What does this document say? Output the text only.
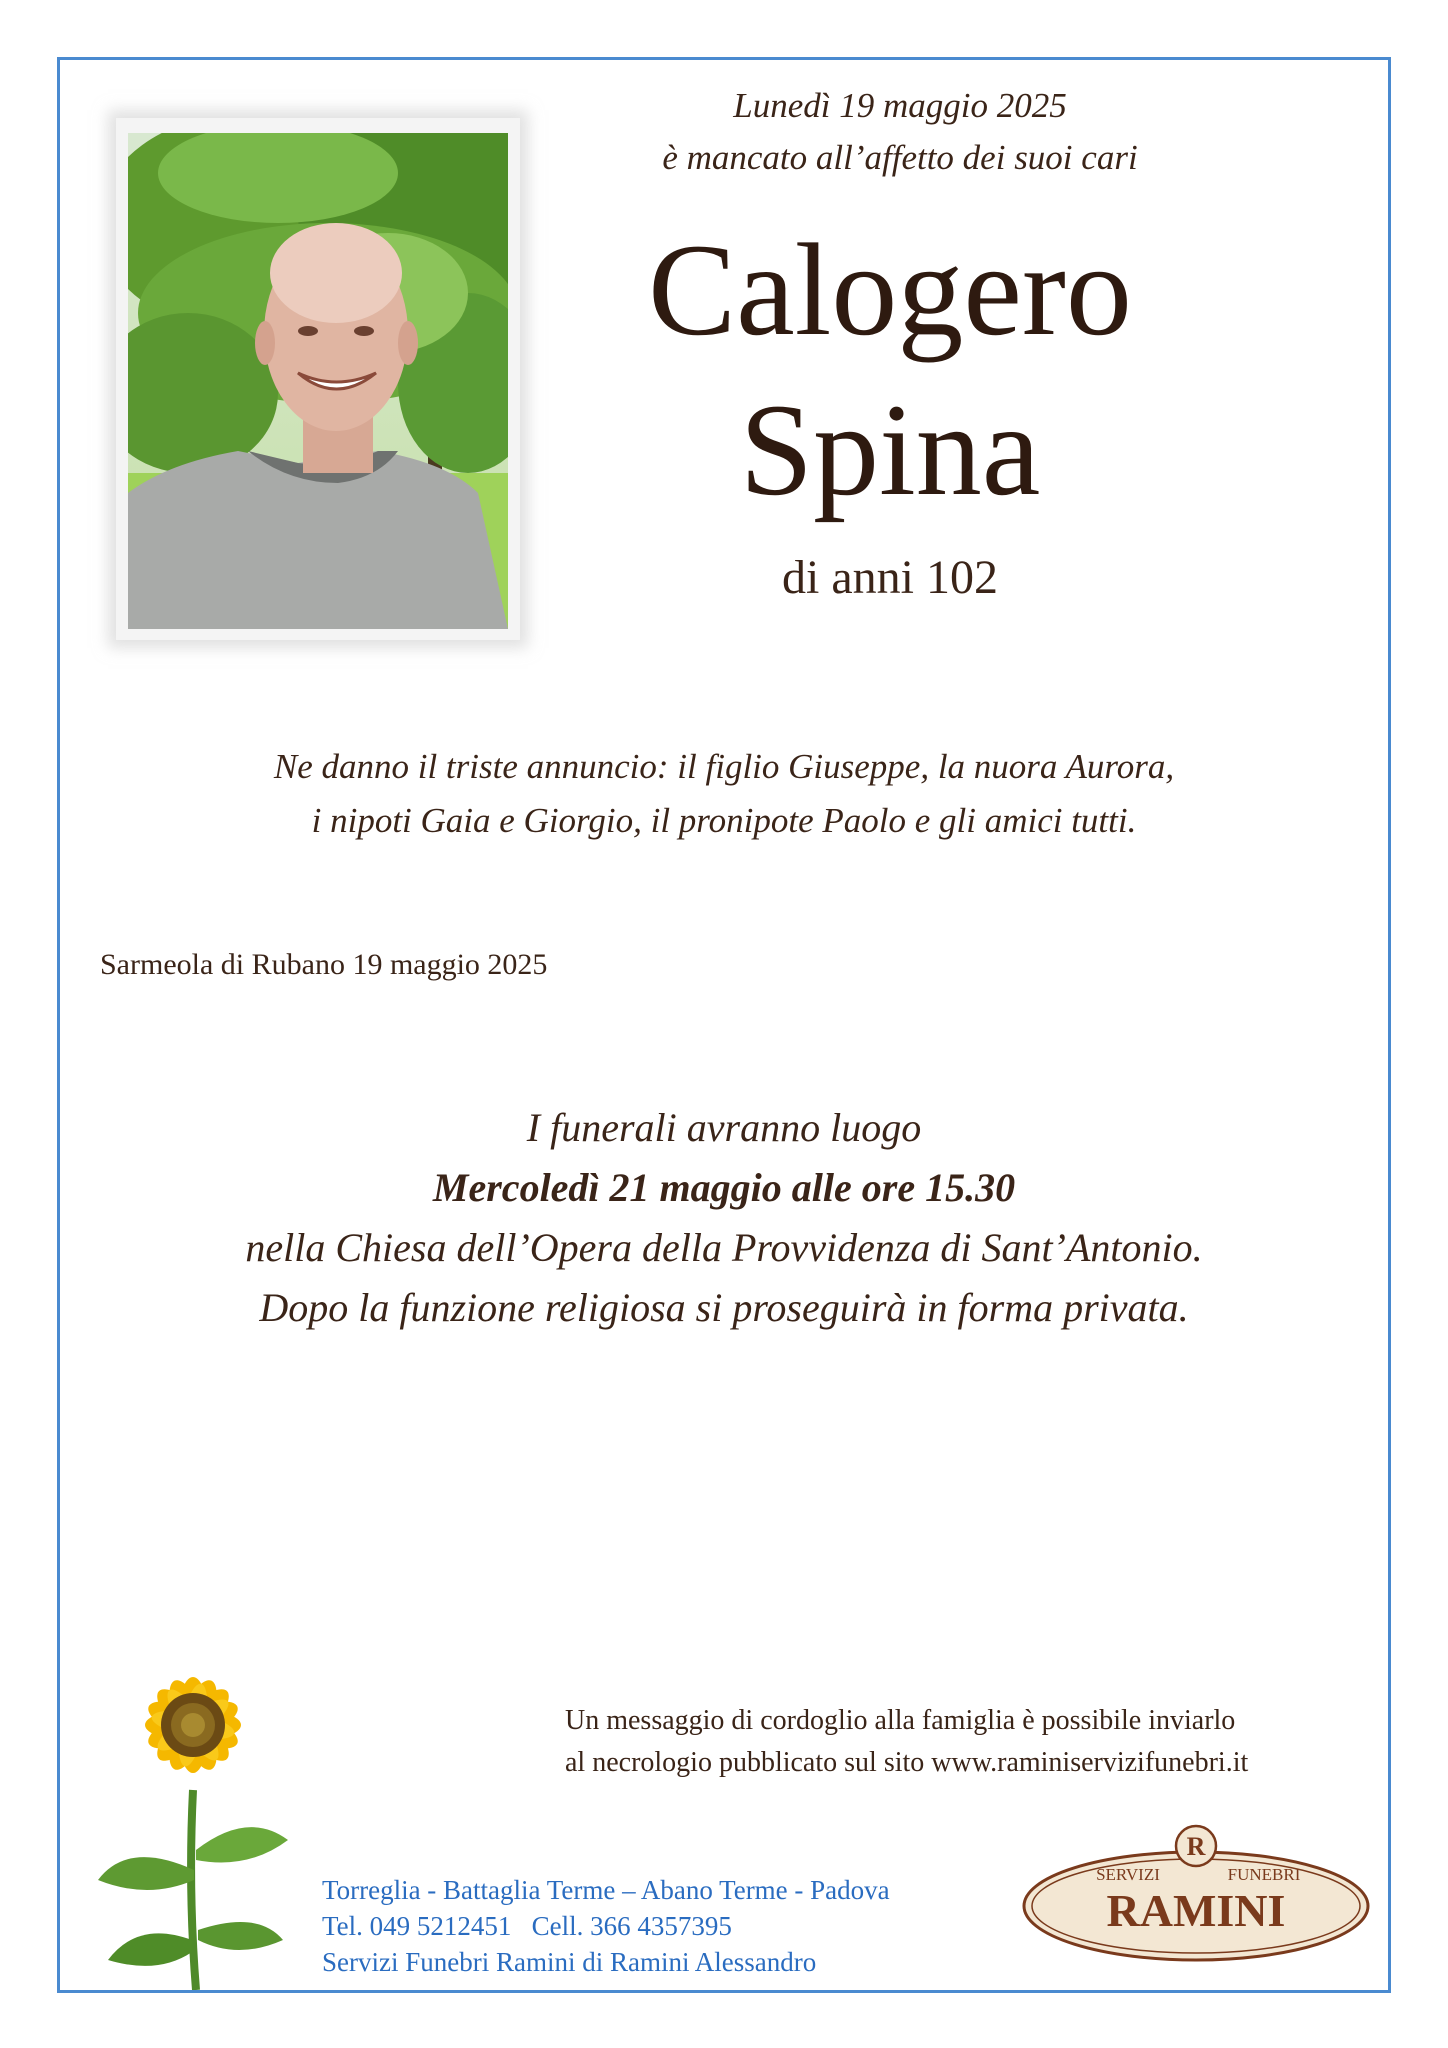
Lunedì 19 maggio 2025
è mancato all’affetto dei suoi cari
Calogero
Spina
di anni 102
Ne danno il triste annuncio: il figlio Giuseppe, la nuora Aurora,
i nipoti Gaia e Giorgio, il pronipote Paolo e gli amici tutti.
Sarmeola di Rubano 19 maggio 2025
I funerali avranno luogo
Mercoledì 21 maggio alle ore 15.30
nella Chiesa dell’Opera della Provvidenza di Sant’Antonio.
Dopo la funzione religiosa si proseguirà in forma privata.
Un messaggio di cordoglio alla famiglia è possibile inviarlo
al necrologio pubblicato sul sito www.raminiservizifunebri.it
Torreglia - Battaglia Terme – Abano Terme - Padova
Tel. 049 5212451   Cell. 366 4357395
Servizi Funebri Ramini di Ramini Alessandro
R
SERVIZI	FUNEBRI
RAMINI
